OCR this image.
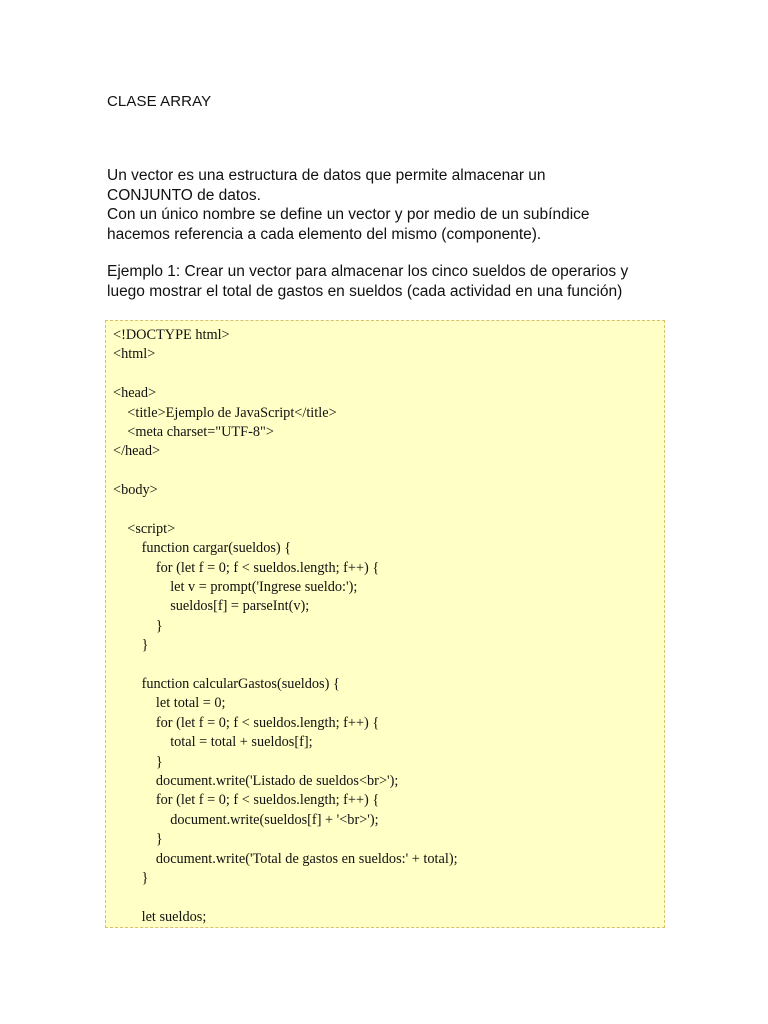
CLASE ARRAY

Un vector es una estructura de datos que permite almacenar un

CONJUNTO de datos.

Con un único nombre se define un vector y por medio de un subíndice

hacemos referencia a cada elemento del mismo (componente).

Ejemplo 1: Crear un vector para almacenar los cinco sueldos de operarios y

luego mostrar el total de gastos en sueldos (cada actividad en una función)

<!DOCTYPE html>
<html>
<head>
<title>Ejemplo de JavaScript</title>
<meta charset="UTF-8">
</head>
<body>
<script>
function cargar(sueldos) {
for (let f = 0; f < sueldos.length; f++) {
let v = prompt('Ingrese sueldo:');
sueldos[f] = parseInt(v);
}
}
function calcularGastos(sueldos) {
let total = 0;
for (let f = 0; f < sueldos.length; f++) {
total = total + sueldos[f];
}
document.write('Listado de sueldos<br>');
for (let f = 0; f < sueldos.length; f++) {
document.write(sueldos[f] + '<br>');
}
document.write('Total de gastos en sueldos:' + total);
}
let sueldos;
